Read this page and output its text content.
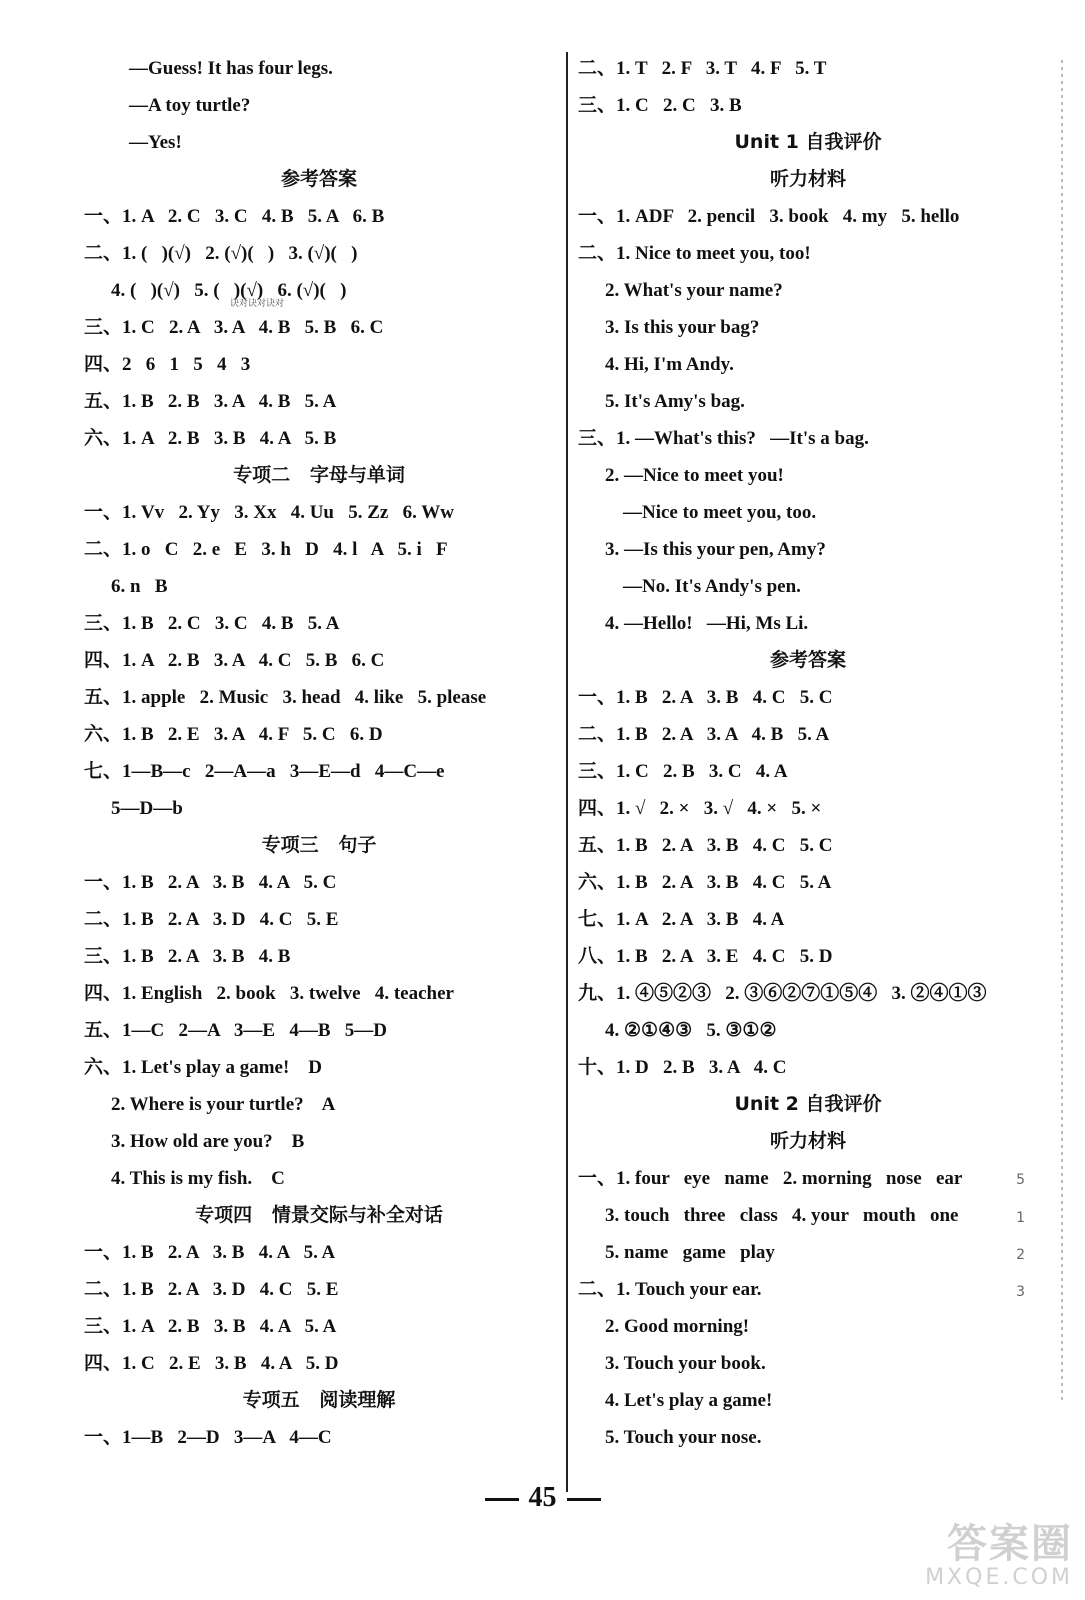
—Guess! It has four legs.
—A toy turtle?
—Yes!
参考答案
一、1. A   2. C   3. C   4. B   5. A   6. B
二、1. (   )(√)   2. (√)(   )   3. (√)(   )
4. (   )(√)   5. (   )(√)   6. (√)(   )
三、1. C   2. A   3. A   4. B   5. B   6. C
四、2   6   1   5   4   3
五、1. B   2. B   3. A   4. B   5. A
六、1. A   2. B   3. B   4. A   5. B
专项二   字母与单词
一、1. Vv   2. Yy   3. Xx   4. Uu   5. Zz   6. Ww
二、1. o   C   2. e   E   3. h   D   4. l   A   5. i   F
6. n   B
三、1. B   2. C   3. C   4. B   5. A
四、1. A   2. B   3. A   4. C   5. B   6. C
五、1. apple   2. Music   3. head   4. like   5. please
六、1. B   2. E   3. A   4. F   5. C   6. D
七、1—B—c   2—A—a   3—E—d   4—C—e
5—D—b
专项三   句子
一、1. B   2. A   3. B   4. A   5. C
二、1. B   2. A   3. D   4. C   5. E
三、1. B   2. A   3. B   4. B
四、1. English   2. book   3. twelve   4. teacher
五、1—C   2—A   3—E   4—B   5—D
六、1. Let's play a game!    D
2. Where is your turtle?    A
3. How old are you?    B
4. This is my fish.    C
专项四   情景交际与补全对话
一、1. B   2. A   3. B   4. A   5. A
二、1. B   2. A   3. D   4. C   5. E
三、1. A   2. B   3. B   4. A   5. A
四、1. C   2. E   3. B   4. A   5. D
专项五   阅读理解
一、1—B   2—D   3—A   4—C
二、1. T   2. F   3. T   4. F   5. T
三、1. C   2. C   3. B
Unit 1 自我评价
听力材料
一、1. ADF   2. pencil   3. book   4. my   5. hello
二、1. Nice to meet you, too!
2. What's your name?
3. Is this your bag?
4. Hi, I'm Andy.
5. It's Amy's bag.
三、1. —What's this?   —It's a bag.
2. —Nice to meet you!
—Nice to meet you, too.
3. —Is this your pen, Amy?
—No. It's Andy's pen.
4. —Hello!   —Hi, Ms Li.
参考答案
一、1. B   2. A   3. B   4. C   5. C
二、1. B   2. A   3. A   4. B   5. A
三、1. C   2. B   3. C   4. A
四、1. √   2. ×   3. √   4. ×   5. ×
五、1. B   2. A   3. B   4. C   5. C
六、1. B   2. A   3. B   4. C   5. A
七、1. A   2. A   3. B   4. A
八、1. B   2. A   3. E   4. C   5. D
九、1. ④⑤②③   2. ③⑥②⑦①⑤④   3. ②④①③
4. ②①④③   5. ③①②
十、1. D   2. B   3. A   4. C
Unit 2 自我评价
听力材料
一、1. four   eye   name   2. morning   nose   ear
3. touch   three   class   4. your   mouth   one
5. name   game   play
二、1. Touch your ear.
2. Good morning!
3. Touch your book.
4. Let's play a game!
5. Touch your nose.
诀对诀对诀对
5
1
2
3
45
答案圈
MXQE.COM
